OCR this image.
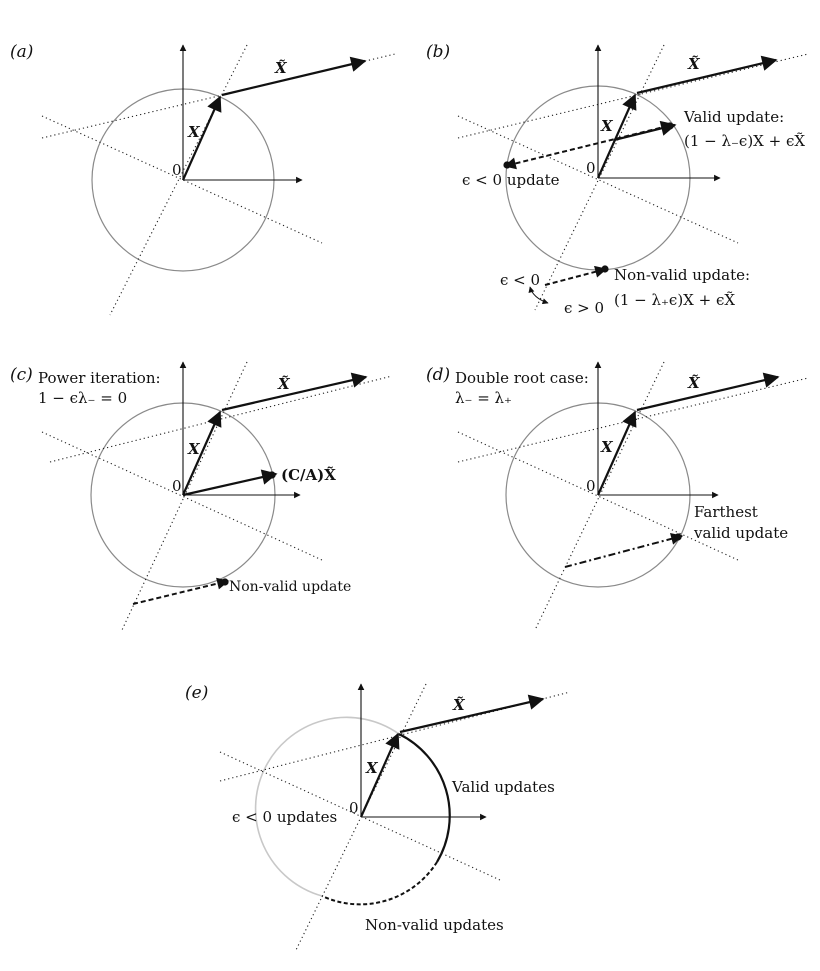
(a)
X̃
X
0
(b)
X̃
X
0
Valid update:
(1 − λ₋ϵ)X + ϵX̃
ϵ < 0 update
ϵ < 0
ϵ > 0
Non-valid update:
(1 − λ₊ϵ)X + ϵX̃
(c) Power iteration:
1 − ϵλ₋ = 0
X̃
X
0
(C/A)X̃
Non-valid update
(d) Double root case:
λ₋ = λ₊
X̃
X
0
Farthest
valid update
(e)
X̃
X
0
Valid updates
ϵ < 0 updates
Non-valid updates
